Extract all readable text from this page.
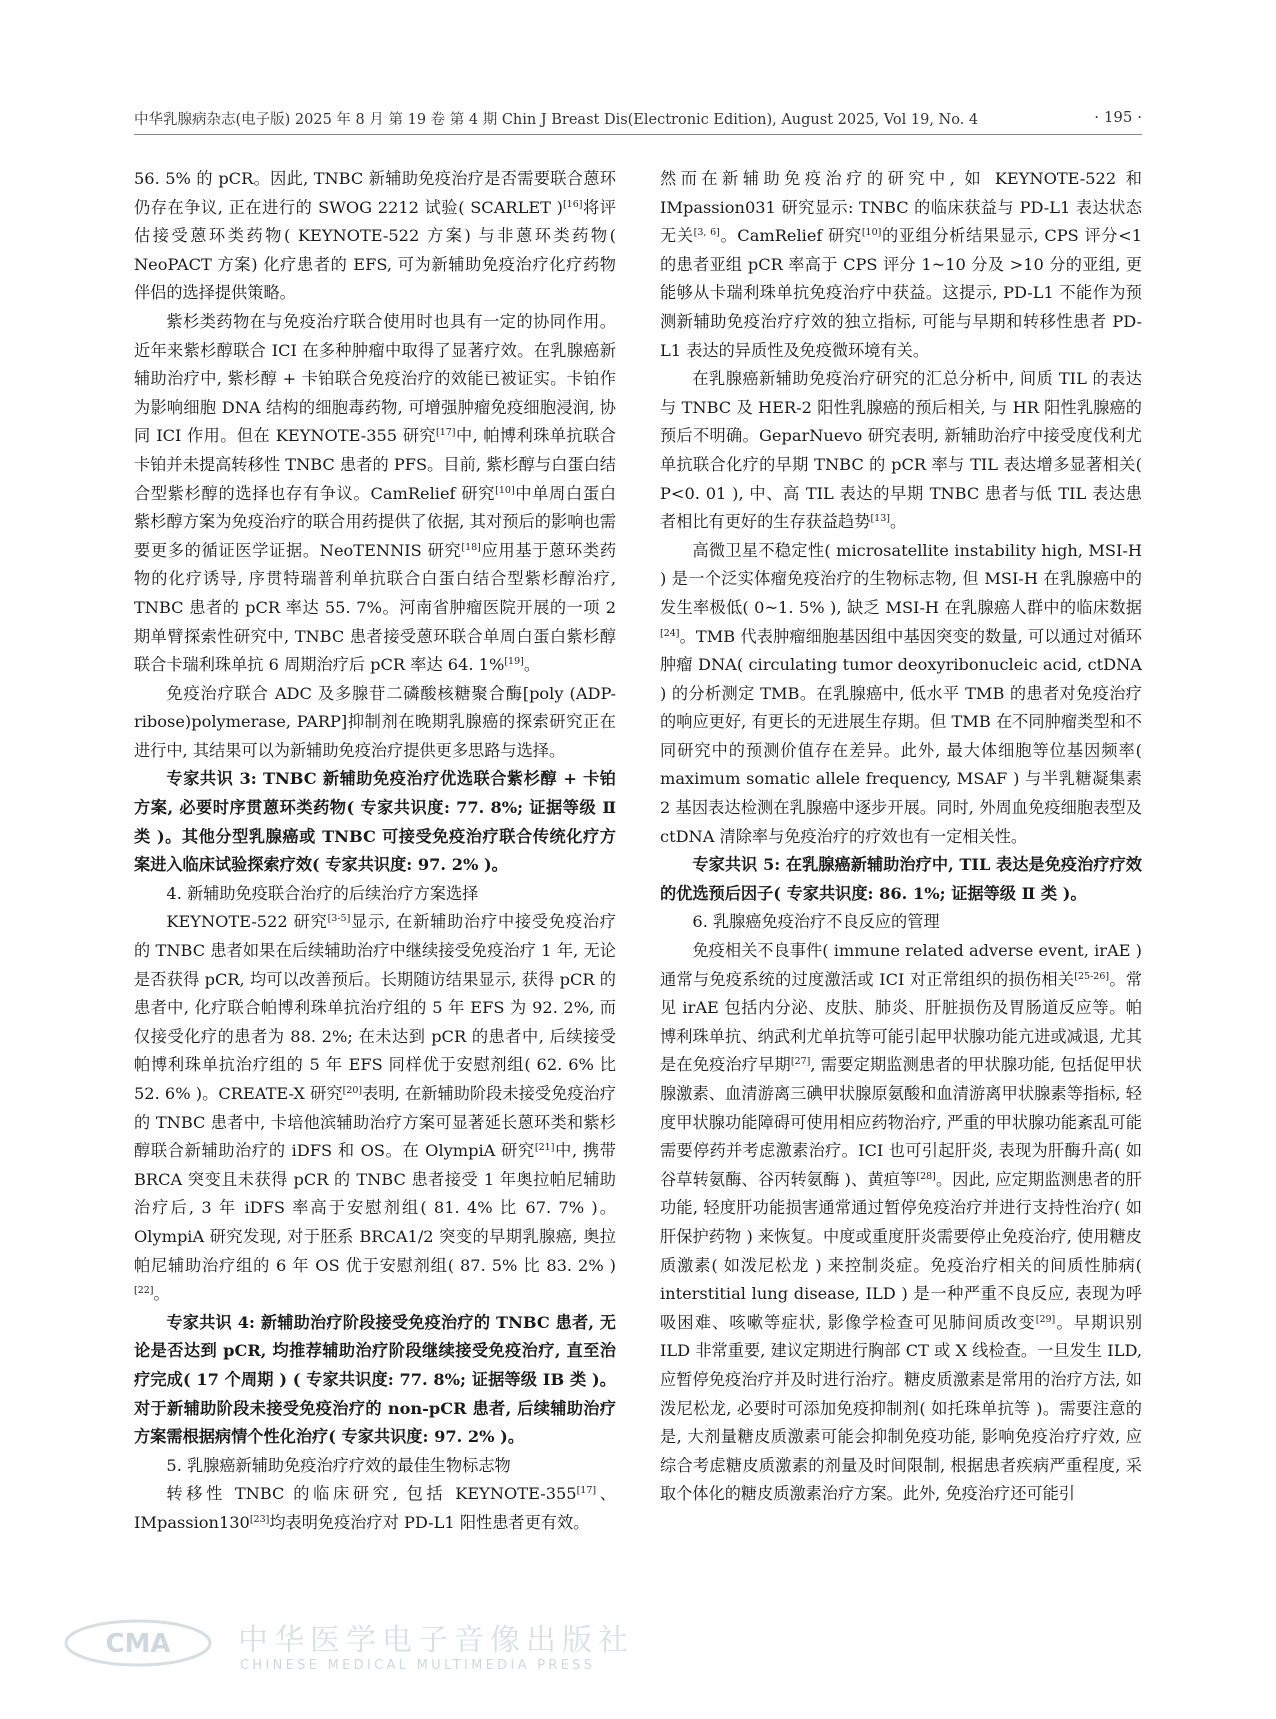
中华乳腺病杂志(电子版) 2025 年 8 月 第 19 卷 第 4 期 Chin J Breast Dis(Electronic Edition), August 2025, Vol 19, No. 4	· 195 ·

56. 5% 的 pCR。因此, TNBC 新辅助免疫治疗是否需要联合蒽环仍存在争议, 正在进行的 SWOG 2212 试验( SCARLET )[16]将评估接受蒽环类药物( KEYNOTE-522 方案) 与非蒽环类药物( NeoPACT 方案) 化疗患者的 EFS, 可为新辅助免疫治疗化疗药物伴侣的选择提供策略。

紫杉类药物在与免疫治疗联合使用时也具有一定的协同作用。近年来紫杉醇联合 ICI 在多种肿瘤中取得了显著疗效。在乳腺癌新辅助治疗中, 紫杉醇 + 卡铂联合免疫治疗的效能已被证实。卡铂作为影响细胞 DNA 结构的细胞毒药物, 可增强肿瘤免疫细胞浸润, 协同 ICI 作用。但在 KEYNOTE-355 研究[17]中, 帕博利珠单抗联合卡铂并未提高转移性 TNBC 患者的 PFS。目前, 紫杉醇与白蛋白结合型紫杉醇的选择也存有争议。CamRelief 研究[10]中单周白蛋白紫杉醇方案为免疫治疗的联合用药提供了依据, 其对预后的影响也需要更多的循证医学证据。NeoTENNIS 研究[18]应用基于蒽环类药物的化疗诱导, 序贯特瑞普利单抗联合白蛋白结合型紫杉醇治疗, TNBC 患者的 pCR 率达 55. 7%。河南省肿瘤医院开展的一项 2 期单臂探索性研究中, TNBC 患者接受蒽环联合单周白蛋白紫杉醇联合卡瑞利珠单抗 6 周期治疗后 pCR 率达 64. 1%[19]。

免疫治疗联合 ADC 及多腺苷二磷酸核糖聚合酶[poly (ADP-ribose)polymerase, PARP]抑制剂在晚期乳腺癌的探索研究正在进行中, 其结果可以为新辅助免疫治疗提供更多思路与选择。

专家共识 3: TNBC 新辅助免疫治疗优选联合紫杉醇 + 卡铂方案, 必要时序贯蒽环类药物( 专家共识度: 77. 8%; 证据等级 Ⅱ 类 )。其他分型乳腺癌或 TNBC 可接受免疫治疗联合传统化疗方案进入临床试验探索疗效( 专家共识度: 97. 2% )。

4. 新辅助免疫联合治疗的后续治疗方案选择

KEYNOTE-522 研究[3-5]显示, 在新辅助治疗中接受免疫治疗的 TNBC 患者如果在后续辅助治疗中继续接受免疫治疗 1 年, 无论是否获得 pCR, 均可以改善预后。长期随访结果显示, 获得 pCR 的患者中, 化疗联合帕博利珠单抗治疗组的 5 年 EFS 为 92. 2%, 而仅接受化疗的患者为 88. 2%; 在未达到 pCR 的患者中, 后续接受帕博利珠单抗治疗组的 5 年 EFS 同样优于安慰剂组( 62. 6% 比 52. 6% )。CREATE-X 研究[20]表明, 在新辅助阶段未接受免疫治疗的 TNBC 患者中, 卡培他滨辅助治疗方案可显著延长蒽环类和紫杉醇联合新辅助治疗的 iDFS 和 OS。在 OlympiA 研究[21]中, 携带 BRCA 突变且未获得 pCR 的 TNBC 患者接受 1 年奥拉帕尼辅助治疗后, 3 年 iDFS 率高于安慰剂组( 81. 4% 比 67. 7% )。OlympiA 研究发现, 对于胚系 BRCA1/2 突变的早期乳腺癌, 奥拉帕尼辅助治疗组的 6 年 OS 优于安慰剂组( 87. 5% 比 83. 2% )[22]。

专家共识 4: 新辅助治疗阶段接受免疫治疗的 TNBC 患者, 无论是否达到 pCR, 均推荐辅助治疗阶段继续接受免疫治疗, 直至治疗完成( 17 个周期 ) ( 专家共识度: 77. 8%; 证据等级 ⅠB 类 )。对于新辅助阶段未接受免疫治疗的 non-pCR 患者, 后续辅助治疗方案需根据病情个性化治疗( 专家共识度: 97. 2% )。

5. 乳腺癌新辅助免疫治疗疗效的最佳生物标志物

转移性 TNBC 的临床研究, 包括 KEYNOTE-355[17]、IMpassion130[23]均表明免疫治疗对 PD-L1 阳性患者更有效。

然而在新辅助免疫治疗的研究中, 如 KEYNOTE-522 和 IMpassion031 研究显示: TNBC 的临床获益与 PD-L1 表达状态无关[3, 6]。CamRelief 研究[10]的亚组分析结果显示, CPS 评分<1 的患者亚组 pCR 率高于 CPS 评分 1~10 分及 >10 分的亚组, 更能够从卡瑞利珠单抗免疫治疗中获益。这提示, PD-L1 不能作为预测新辅助免疫治疗疗效的独立指标, 可能与早期和转移性患者 PD-L1 表达的异质性及免疫微环境有关。

在乳腺癌新辅助免疫治疗研究的汇总分析中, 间质 TIL 的表达与 TNBC 及 HER-2 阳性乳腺癌的预后相关, 与 HR 阳性乳腺癌的预后不明确。GeparNuevo 研究表明, 新辅助治疗中接受度伐利尤单抗联合化疗的早期 TNBC 的 pCR 率与 TIL 表达增多显著相关( P<0. 01 ), 中、高 TIL 表达的早期 TNBC 患者与低 TIL 表达患者相比有更好的生存获益趋势[13]。

高微卫星不稳定性( microsatellite instability high, MSI-H ) 是一个泛实体瘤免疫治疗的生物标志物, 但 MSI-H 在乳腺癌中的发生率极低( 0~1. 5% ), 缺乏 MSI-H 在乳腺癌人群中的临床数据[24]。TMB 代表肿瘤细胞基因组中基因突变的数量, 可以通过对循环肿瘤 DNA( circulating tumor deoxyribonucleic acid, ctDNA ) 的分析测定 TMB。在乳腺癌中, 低水平 TMB 的患者对免疫治疗的响应更好, 有更长的无进展生存期。但 TMB 在不同肿瘤类型和不同研究中的预测价值存在差异。此外, 最大体细胞等位基因频率( maximum somatic allele frequency, MSAF ) 与半乳糖凝集素 2 基因表达检测在乳腺癌中逐步开展。同时, 外周血免疫细胞表型及 ctDNA 清除率与免疫治疗的疗效也有一定相关性。

专家共识 5: 在乳腺癌新辅助治疗中, TIL 表达是免疫治疗疗效的优选预后因子( 专家共识度: 86. 1%; 证据等级 Ⅱ 类 )。

6. 乳腺癌免疫治疗不良反应的管理

免疫相关不良事件( immune related adverse event, irAE ) 通常与免疫系统的过度激活或 ICI 对正常组织的损伤相关[25-26]。常见 irAE 包括内分泌、皮肤、肺炎、肝脏损伤及胃肠道反应等。帕博利珠单抗、纳武利尤单抗等可能引起甲状腺功能亢进或减退, 尤其是在免疫治疗早期[27], 需要定期监测患者的甲状腺功能, 包括促甲状腺激素、血清游离三碘甲状腺原氨酸和血清游离甲状腺素等指标, 轻度甲状腺功能障碍可使用相应药物治疗, 严重的甲状腺功能紊乱可能需要停药并考虑激素治疗。ICI 也可引起肝炎, 表现为肝酶升高( 如谷草转氨酶、谷丙转氨酶 )、黄疸等[28]。因此, 应定期监测患者的肝功能, 轻度肝功能损害通常通过暂停免疫治疗并进行支持性治疗( 如肝保护药物 ) 来恢复。中度或重度肝炎需要停止免疫治疗, 使用糖皮质激素( 如泼尼松龙 ) 来控制炎症。免疫治疗相关的间质性肺病( interstitial lung disease, ILD ) 是一种严重不良反应, 表现为呼吸困难、咳嗽等症状, 影像学检查可见肺间质改变[29]。早期识别 ILD 非常重要, 建议定期进行胸部 CT 或 X 线检查。一旦发生 ILD, 应暂停免疫治疗并及时进行治疗。糖皮质激素是常用的治疗方法, 如泼尼松龙, 必要时可添加免疫抑制剂( 如托珠单抗等 )。需要注意的是, 大剂量糖皮质激素可能会抑制免疫功能, 影响免疫治疗疗效, 应综合考虑糖皮质激素的剂量及时间限制, 根据患者疾病严重程度, 采取个体化的糖皮质激素治疗方案。此外, 免疫治疗还可能引

CMA 中华医学电子音像出版社
CHINESE MEDICAL MULTIMEDIA PRESS
